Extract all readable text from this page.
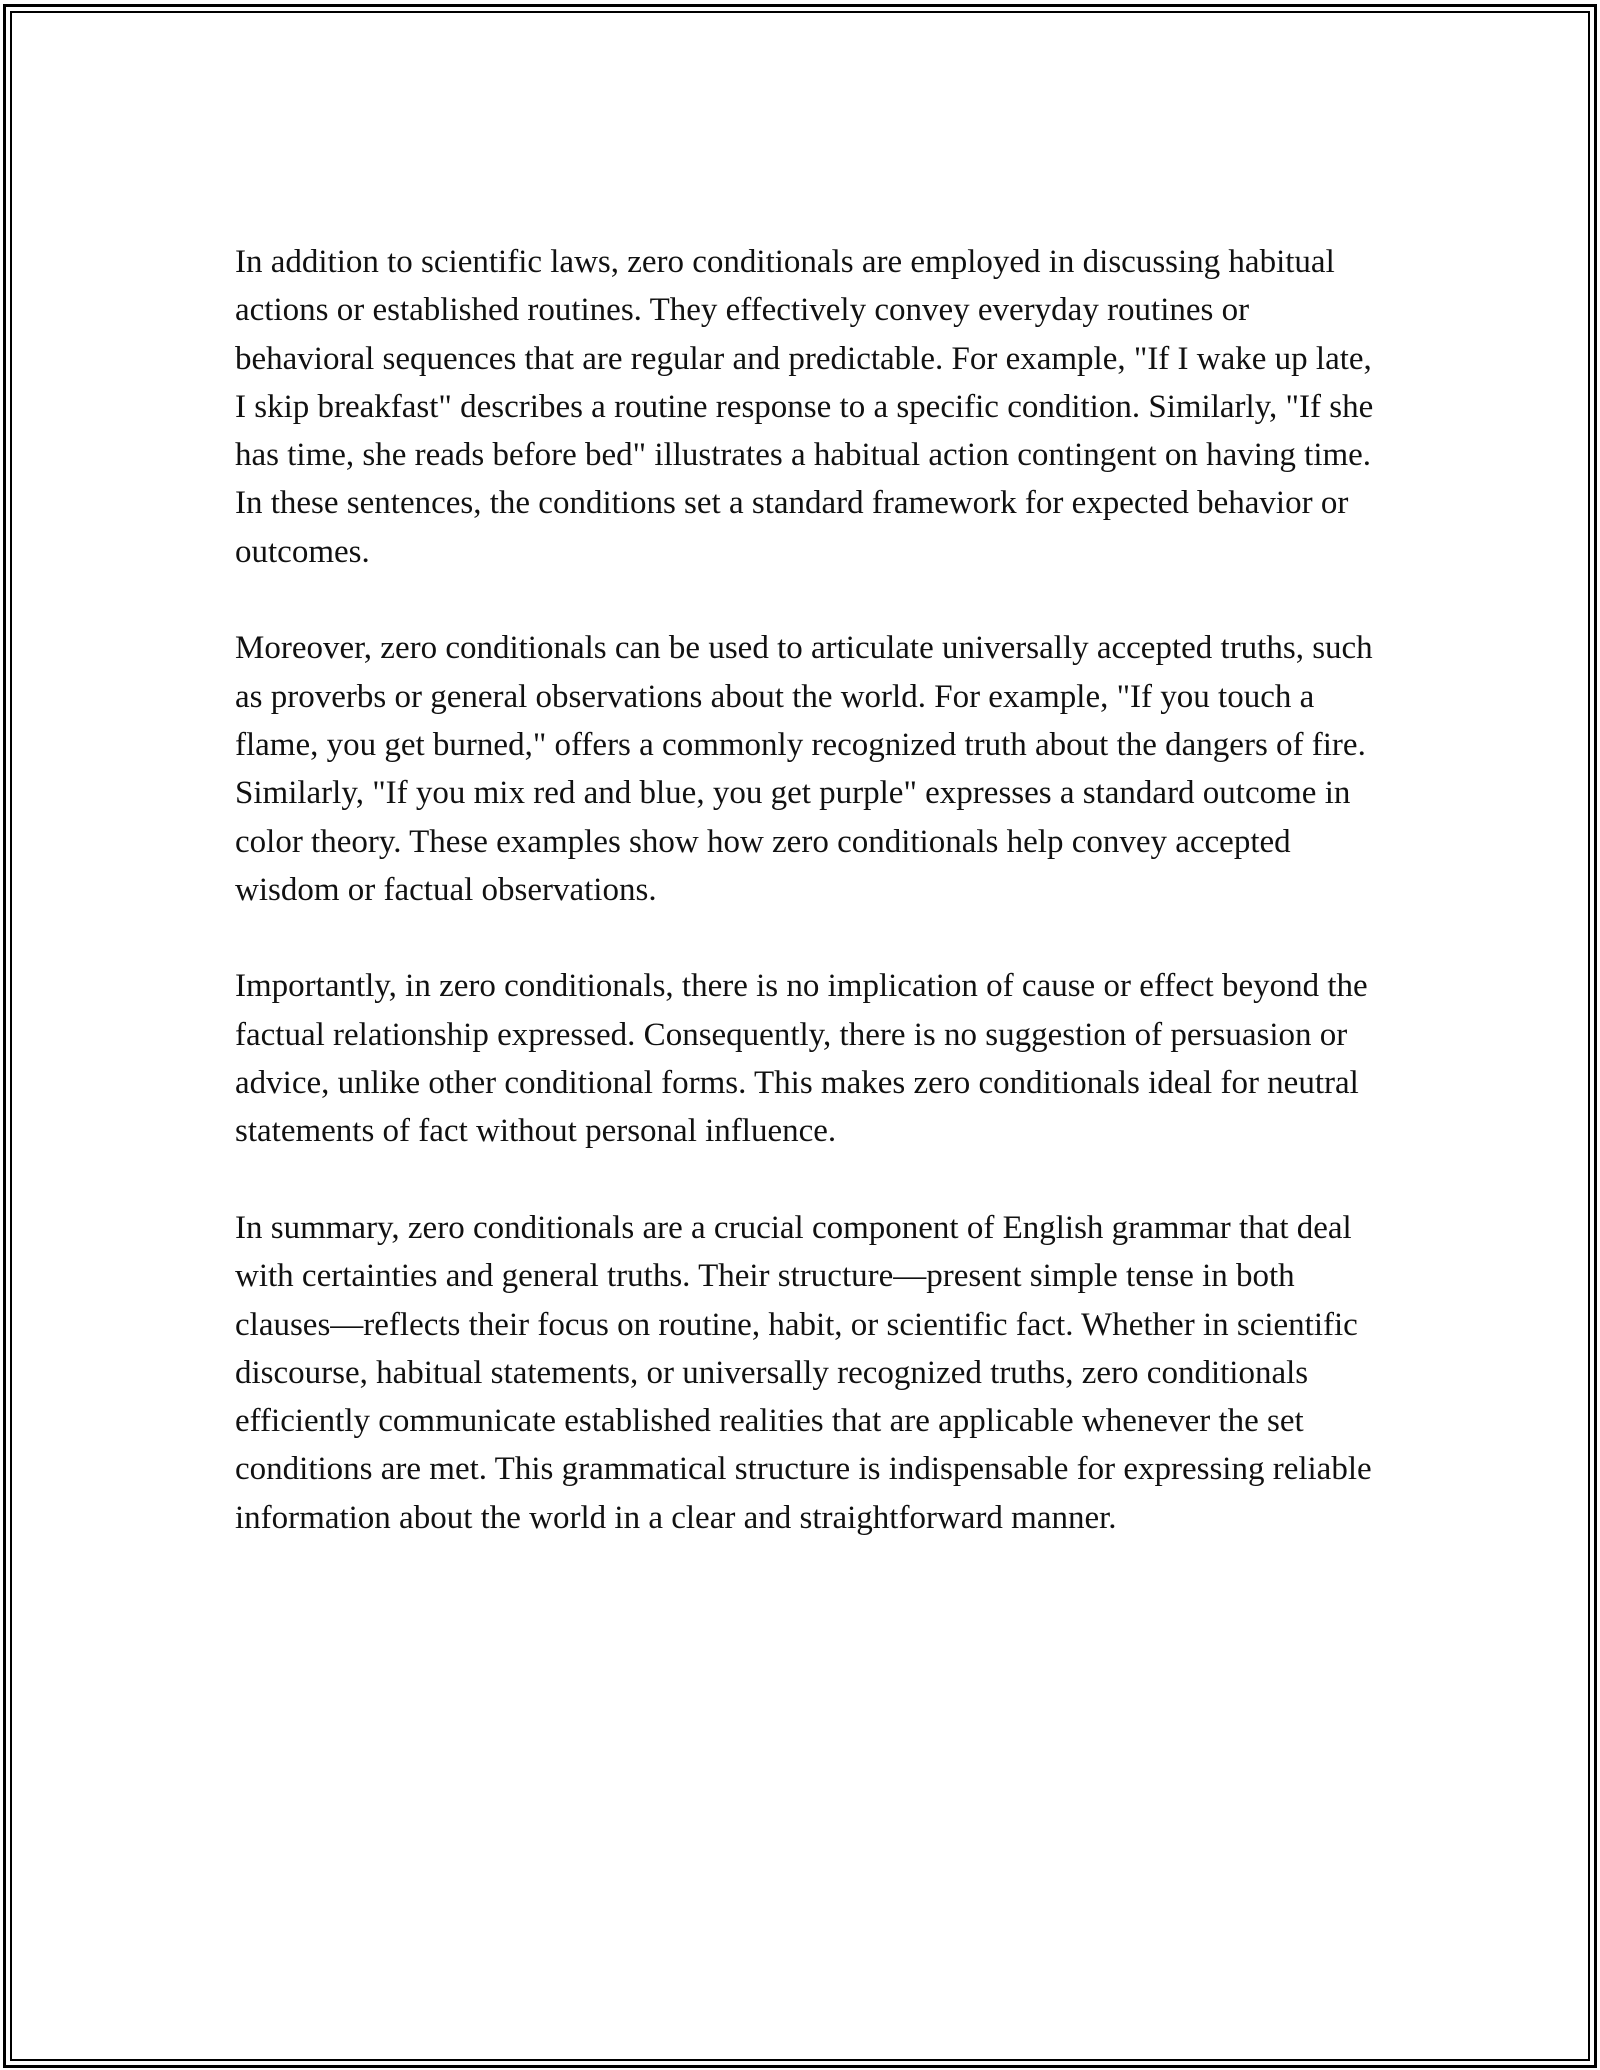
In addition to scientific laws, zero conditionals are employed in discussing habitual actions or established routines. They effectively convey everyday routines or behavioral sequences that are regular and predictable. For example, "If I wake up late, I skip breakfast" describes a routine response to a specific condition. Similarly, "If she has time, she reads before bed" illustrates a habitual action contingent on having time. In these sentences, the conditions set a standard framework for expected behavior or outcomes.

Moreover, zero conditionals can be used to articulate universally accepted truths, such as proverbs or general observations about the world. For example, "If you touch a flame, you get burned," offers a commonly recognized truth about the dangers of fire. Similarly, "If you mix red and blue, you get purple" expresses a standard outcome in color theory. These examples show how zero conditionals help convey accepted wisdom or factual observations.

Importantly, in zero conditionals, there is no implication of cause or effect beyond the factual relationship expressed. Consequently, there is no suggestion of persuasion or advice, unlike other conditional forms. This makes zero conditionals ideal for neutral statements of fact without personal influence.

In summary, zero conditionals are a crucial component of English grammar that deal with certainties and general truths. Their structure—present simple tense in both clauses—reflects their focus on routine, habit, or scientific fact. Whether in scientific discourse, habitual statements, or universally recognized truths, zero conditionals efficiently communicate established realities that are applicable whenever the set conditions are met. This grammatical structure is indispensable for expressing reliable information about the world in a clear and straightforward manner.
